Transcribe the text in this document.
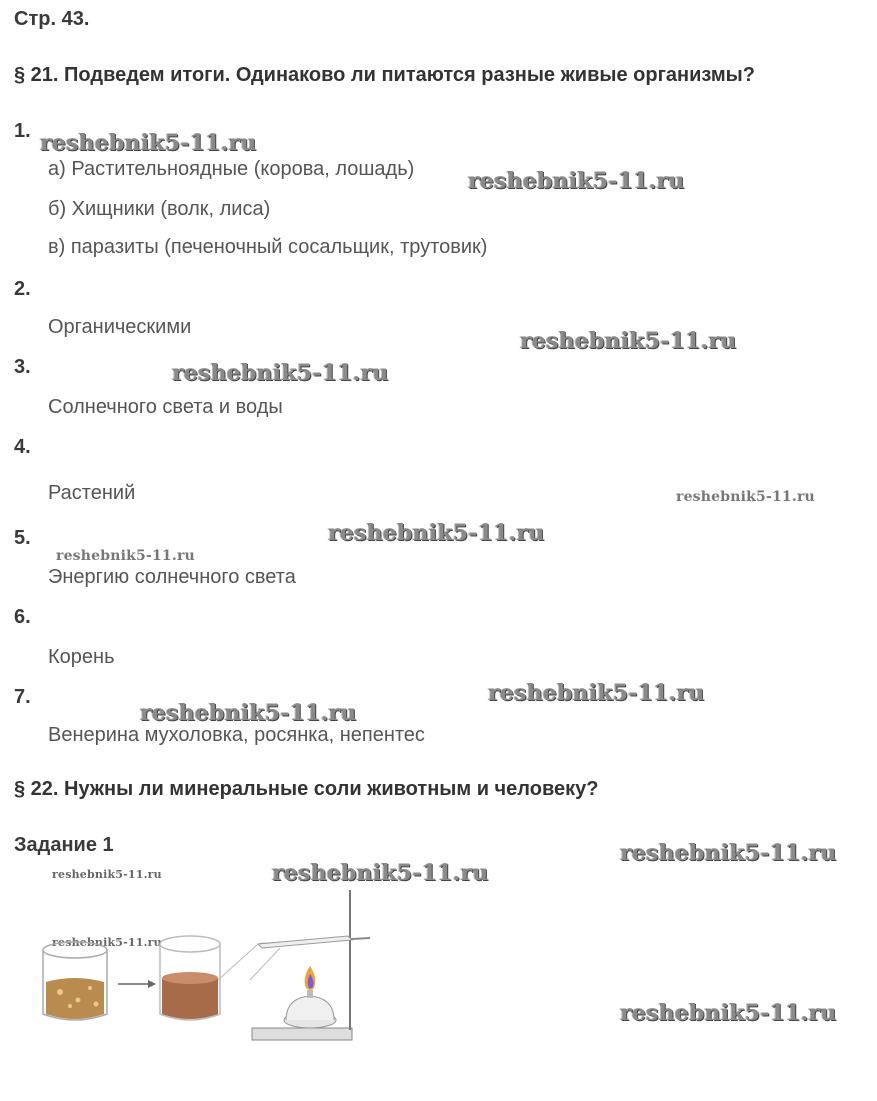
Стр. 43.
§ 21. Подведем итоги. Одинаково ли питаются разные живые организмы?
1.
а) Растительноядные (корова, лошадь)
б) Хищники (волк, лиса)
в) паразиты (печеночный сосальщик, трутовик)
2.
Органическими
3.
Солнечного света и воды
4.
Растений
5.
Энергию солнечного света
6.
Корень
7.
Венерина мухоловка, росянка, непентес
§ 22. Нужны ли минеральные соли животным и человеку?
Задание 1
reshebnik5-11.ru
reshebnik5-11.ru
reshebnik5-11.ru
reshebnik5-11.ru
reshebnik5-11.ru
reshebnik5-11.ru
reshebnik5-11.ru
reshebnik5-11.ru
reshebnik5-11.ru
reshebnik5-11.ru
reshebnik5-11.ru
reshebnik5-11.ru
reshebnik5-11.ru
reshebnik5-11.ru
